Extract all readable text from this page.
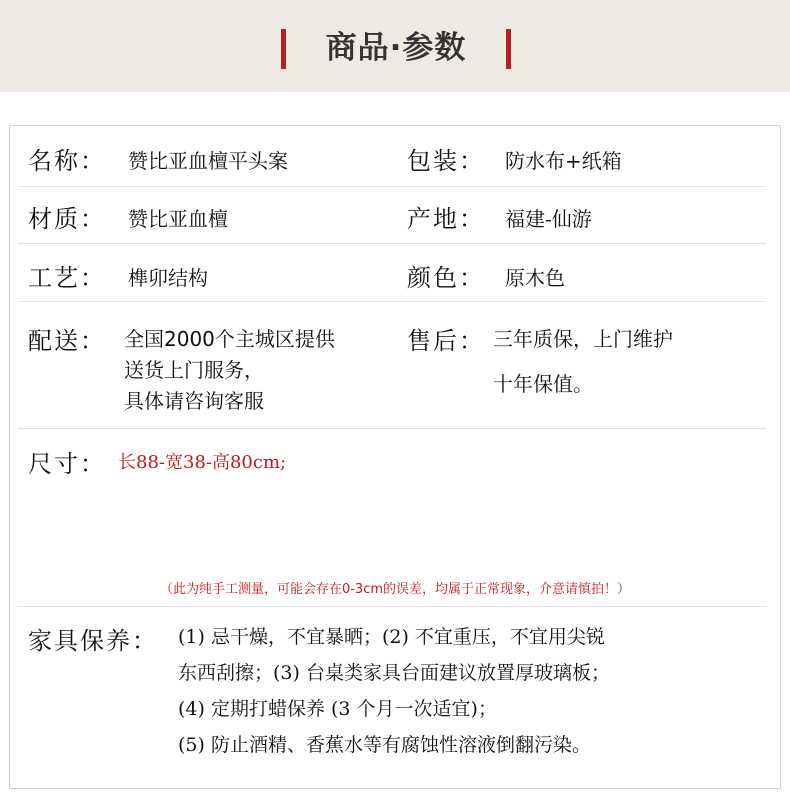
商品·参数
名称： 赞比亚血檀平头案	包装： 防水布+纸箱
材质： 赞比亚血檀	产地： 福建-仙游
工艺： 榫卯结构	颜色： 原木色
配送： 全国2000个主城区提供
送货上门服务，
具体请咨询客服
售后： 三年质保，上门维护
十年保值。
尺寸： 长88-宽38-高80cm;
（此为纯手工测量，可能会存在0-3cm的误差，均属于正常现象，介意请慎拍！）
家具保养： (1) 忌干燥，不宜暴晒；(2) 不宜重压，不宜用尖锐
东西刮擦；(3) 台桌类家具台面建议放置厚玻璃板；
(4) 定期打蜡保养 (3 个月一次适宜)；
(5) 防止酒精、香蕉水等有腐蚀性溶液倒翻污染。
